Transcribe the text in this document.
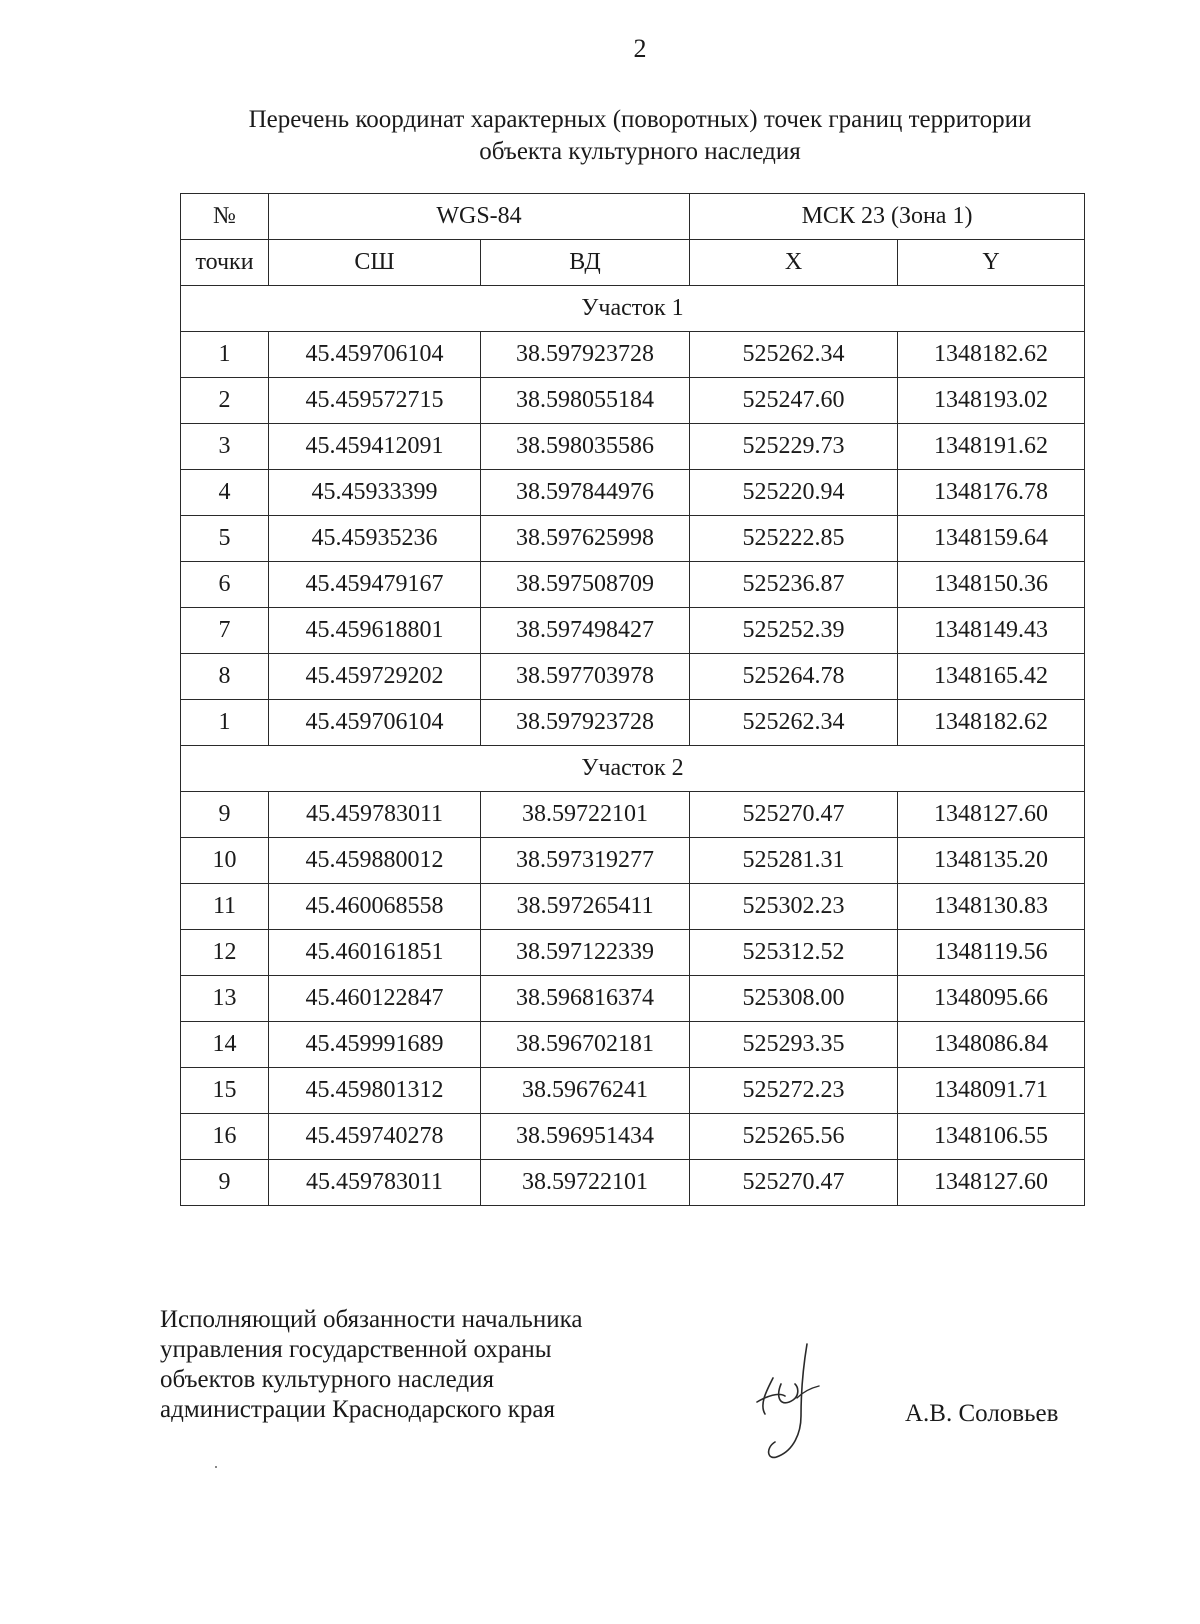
2
Перечень координат характерных (поворотных) точек границ территории
объекта культурного наследия
№	WGS-84		МСК 23 (Зона 1)	
точки	СШ	ВД	X	Y
Участок 1				
1	45.459706104	38.597923728	525262.34	1348182.62
2	45.459572715	38.598055184	525247.60	1348193.02
3	45.459412091	38.598035586	525229.73	1348191.62
4	45.45933399	38.597844976	525220.94	1348176.78
5	45.45935236	38.597625998	525222.85	1348159.64
6	45.459479167	38.597508709	525236.87	1348150.36
7	45.459618801	38.597498427	525252.39	1348149.43
8	45.459729202	38.597703978	525264.78	1348165.42
1	45.459706104	38.597923728	525262.34	1348182.62
Участок 2				
9	45.459783011	38.59722101	525270.47	1348127.60
10	45.459880012	38.597319277	525281.31	1348135.20
11	45.460068558	38.597265411	525302.23	1348130.83
12	45.460161851	38.597122339	525312.52	1348119.56
13	45.460122847	38.596816374	525308.00	1348095.66
14	45.459991689	38.596702181	525293.35	1348086.84
15	45.459801312	38.59676241	525272.23	1348091.71
16	45.459740278	38.596951434	525265.56	1348106.55
9	45.459783011	38.59722101	525270.47	1348127.60
Исполняющий обязанности начальника
управления государственной охраны
объектов культурного наследия
администрации Краснодарского края	А.В. Соловьев
